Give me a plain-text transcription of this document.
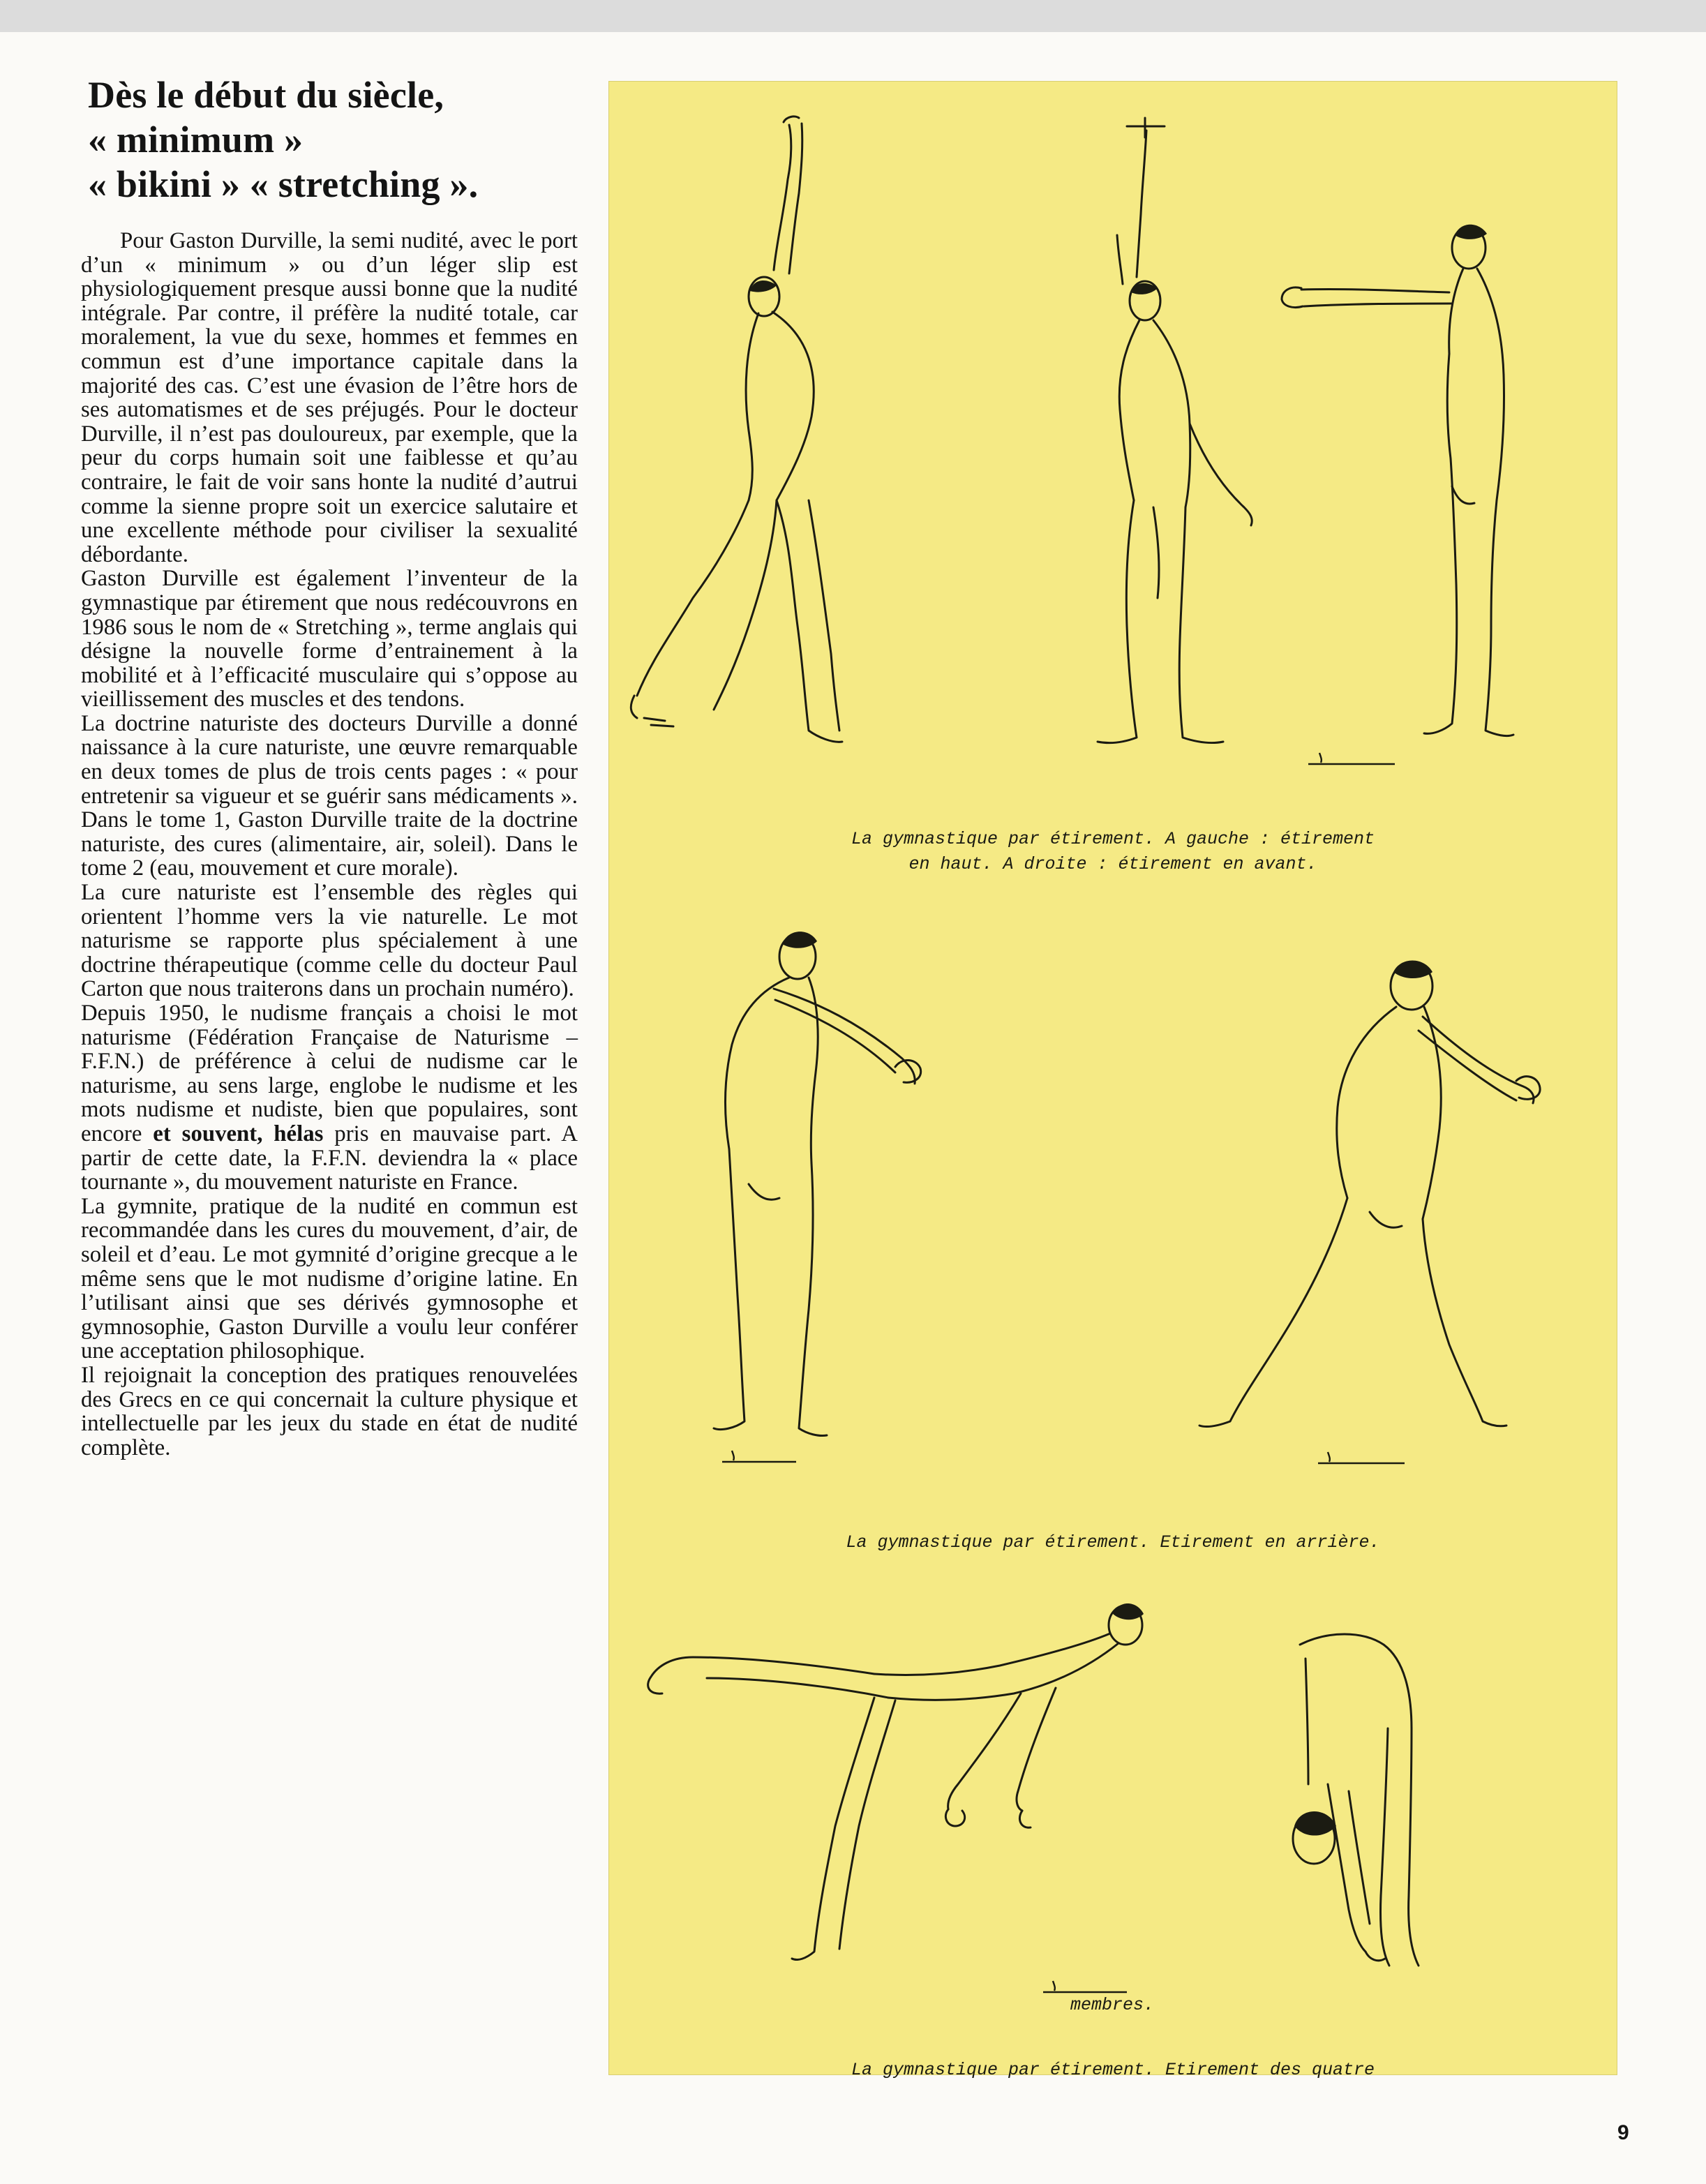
Dès le début du siècle,
« minimum »
« bikini » « stretching ».

Pour Gaston Durville, la semi nudité, avec le port d’un « minimum » ou d’un léger slip est physiologiquement presque aussi bonne que la nudité intégrale. Par contre, il préfère la nudité totale, car moralement, la vue du sexe, hommes et femmes en commun est d’une importance capitale dans la majorité des cas. C’est une évasion de l’être hors de ses automatismes et de ses préjugés. Pour le docteur Durville, il n’est pas douloureux, par exemple, que la peur du corps humain soit une faiblesse et qu’au contraire, le fait de voir sans honte la nudité d’autrui comme la sienne propre soit un exercice salutaire et une excellente méthode pour civiliser la sexualité débordante.

Gaston Durville est également l’inventeur de la gymnastique par étirement que nous redécouvrons en 1986 sous le nom de « Stretching », terme anglais qui désigne la nouvelle forme d’entrainement à la mobilité et à l’efficacité musculaire qui s’oppose au vieillissement des muscles et des tendons.

La doctrine naturiste des docteurs Durville a donné naissance à la cure naturiste, une œuvre remarquable en deux tomes de plus de trois cents pages : « pour entretenir sa vigueur et se guérir sans médicaments ». Dans le tome 1, Gaston Durville traite de la doctrine naturiste, des cures (alimentaire, air, soleil). Dans le tome 2 (eau, mouvement et cure morale).

La cure naturiste est l’ensemble des règles qui orientent l’homme vers la vie naturelle. Le mot naturisme se rapporte plus spécialement à une doctrine thérapeutique (comme celle du docteur Paul Carton que nous traiterons dans un prochain numéro).

Depuis 1950, le nudisme français a choisi le mot naturisme (Fédération Française de Naturisme – F.F.N.) de préférence à celui de nudisme car le naturisme, au sens large, englobe le nudisme et les mots nudisme et nudiste, bien que populaires, sont encore et souvent, hélas pris en mauvaise part. A partir de cette date, la F.F.N. deviendra la « place tournante », du mouvement naturiste en France.

La gymnite, pratique de la nudité en commun est recommandée dans les cures du mouvement, d’air, de soleil et d’eau. Le mot gymnité d’origine grecque a le même sens que le mot nudisme d’origine latine. En l’utilisant ainsi que ses dérivés gymnosophe et gymnosophie, Gaston Durville a voulu leur conférer une acceptation philosophique.

Il rejoignait la conception des pratiques renouvelées des Grecs en ce qui concernait la culture physique et intellectuelle par les jeux du stade en état de nudité complète.

La gymnastique par étirement. A gauche : étirement
en haut. A droite : étirement en avant.
La gymnastique par étirement. Etirement en arrière.
La gymnastique par étirement. Etirement des quatre
membres.
9
